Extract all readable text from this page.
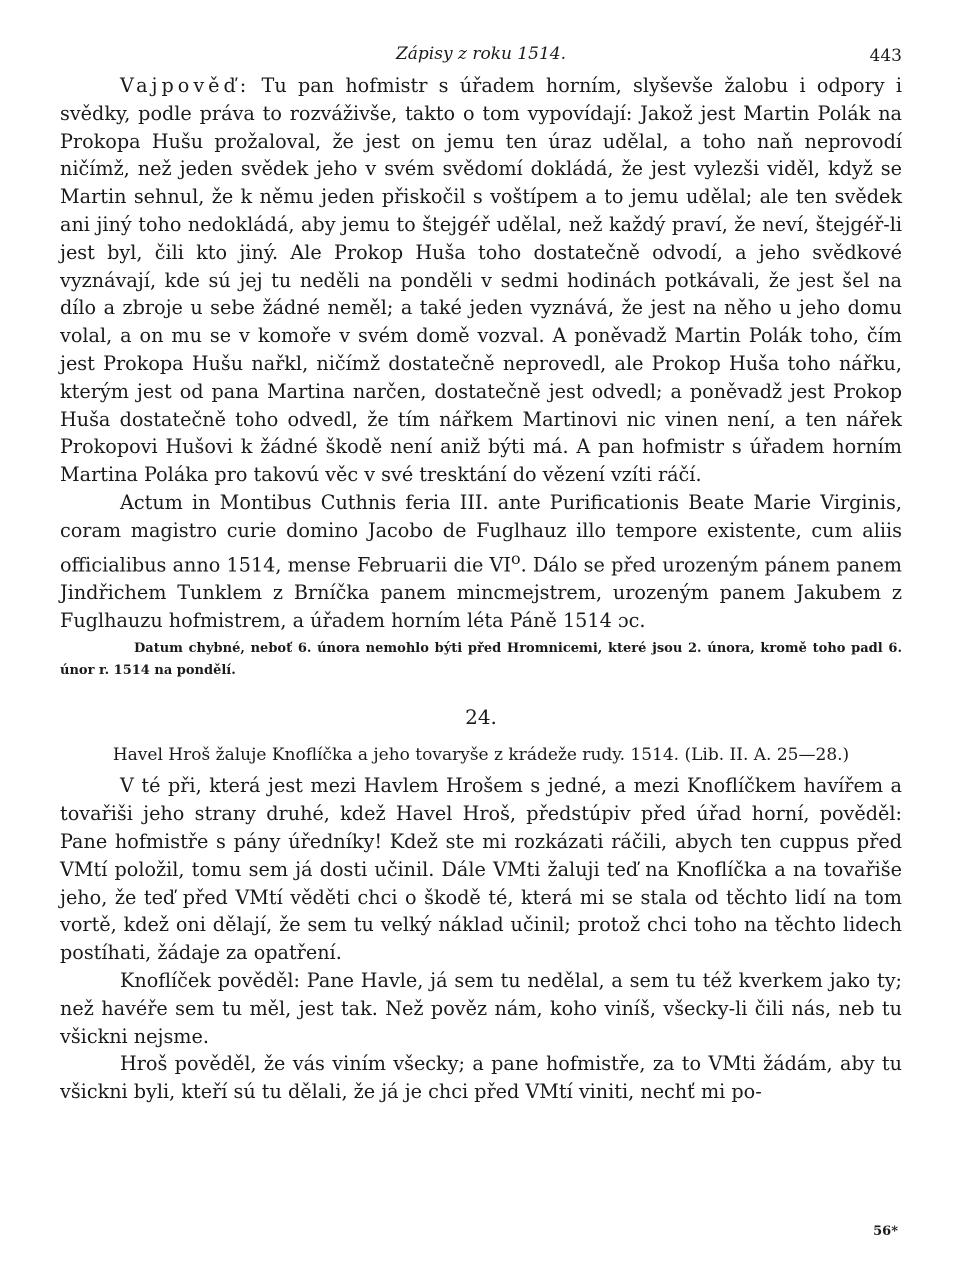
Zápisy z roku 1514.	443

Vajpověď: Tu pan hofmistr s úřadem horním, slyševše žalobu i odpory i svědky, podle práva to rozváživše, takto o tom vypovídají: Jakož jest Martin Polák na Prokopa Hušu prožaloval, že jest on jemu ten úraz udělal, a toho naň neprovodí ničímž, než jeden svědek jeho v svém svědomí dokládá, že jest vylezši viděl, když se Martin sehnul, že k němu jeden přiskočil s voštípem a to jemu udělal; ale ten svědek ani jiný toho nedokládá, aby jemu to štejgéř udělal, než každý praví, že neví, štejgéř-li jest byl, čili kto jiný. Ale Prokop Huša toho dostatečně odvodí, a jeho svědkové vyznávají, kde sú jej tu neděli na ponděli v sedmi hodinách potkávali, že jest šel na dílo a zbroje u sebe žádné neměl; a také jeden vyznává, že jest na něho u jeho domu volal, a on mu se v komoře v svém domě vozval. A poněvadž Martin Polák toho, čím jest Prokopa Hušu nařkl, ničímž dostatečně neprovedl, ale Prokop Huša toho nářku, kterým jest od pana Martina narčen, dostatečně jest odvedl; a poněvadž jest Prokop Huša dostatečně toho odvedl, že tím nářkem Martinovi nic vinen není, a ten nářek Prokopovi Hušovi k žádné škodě není aniž býti má. A pan hofmistr s úřadem horním Martina Poláka pro takovú věc v své tresktání do vězení vzíti ráčí.

Actum in Montibus Cuthnis feria III. ante Purificationis Beate Marie Virginis, coram magistro curie domino Jacobo de Fuglhauz illo tempore existente, cum aliis officialibus anno 1514, mense Februarii die $VI^o$. Dálo se před urozeným pánem panem Jindřichem Tunklem z Brníčka panem mincmejstrem, urozeným panem Jakubem z Fuglhauzu hofmistrem, a úřadem horním léta Páně 1514 ɔc.

Datum chybné, neboť 6. února nemohlo býti před Hromnicemi, které jsou 2. února, kromě toho padl 6. únor r. 1514 na pondělí.
24.
Havel Hroš žaluje Knoflíčka a jeho tovaryše z krádeže rudy. 1514. (Lib. II. A. 25—28.)

V té při, která jest mezi Havlem Hrošem s jedné, a mezi Knoflíčkem havířem a tovařiši jeho strany druhé, kdež Havel Hroš, předstúpiv před úřad horní, pověděl: Pane hofmistře s pány úředníky! Kdež ste mi rozkázati ráčili, abych ten cuppus před VMtí položil, tomu sem já dosti učinil. Dále VMti žaluji teď na Knoflíčka a na tovařiše jeho, že teď před VMtí věděti chci o škodě té, která mi se stala od těchto lidí na tom vortě, kdež oni dělají, že sem tu velký náklad učinil; protož chci toho na těchto lidech postíhati, žádaje za opatření.

Knoflíček pověděl: Pane Havle, já sem tu nedělal, a sem tu též kverkem jako ty; než havéře sem tu měl, jest tak. Než pověz nám, koho viníš, všecky-li čili nás, neb tu všickni nejsme.

Hroš pověděl, že vás viním všecky; a pane hofmistře, za to VMti žádám, aby tu všickni byli, kteří sú tu dělali, že já je chci před VMtí viniti, nechť mi po-

56*
